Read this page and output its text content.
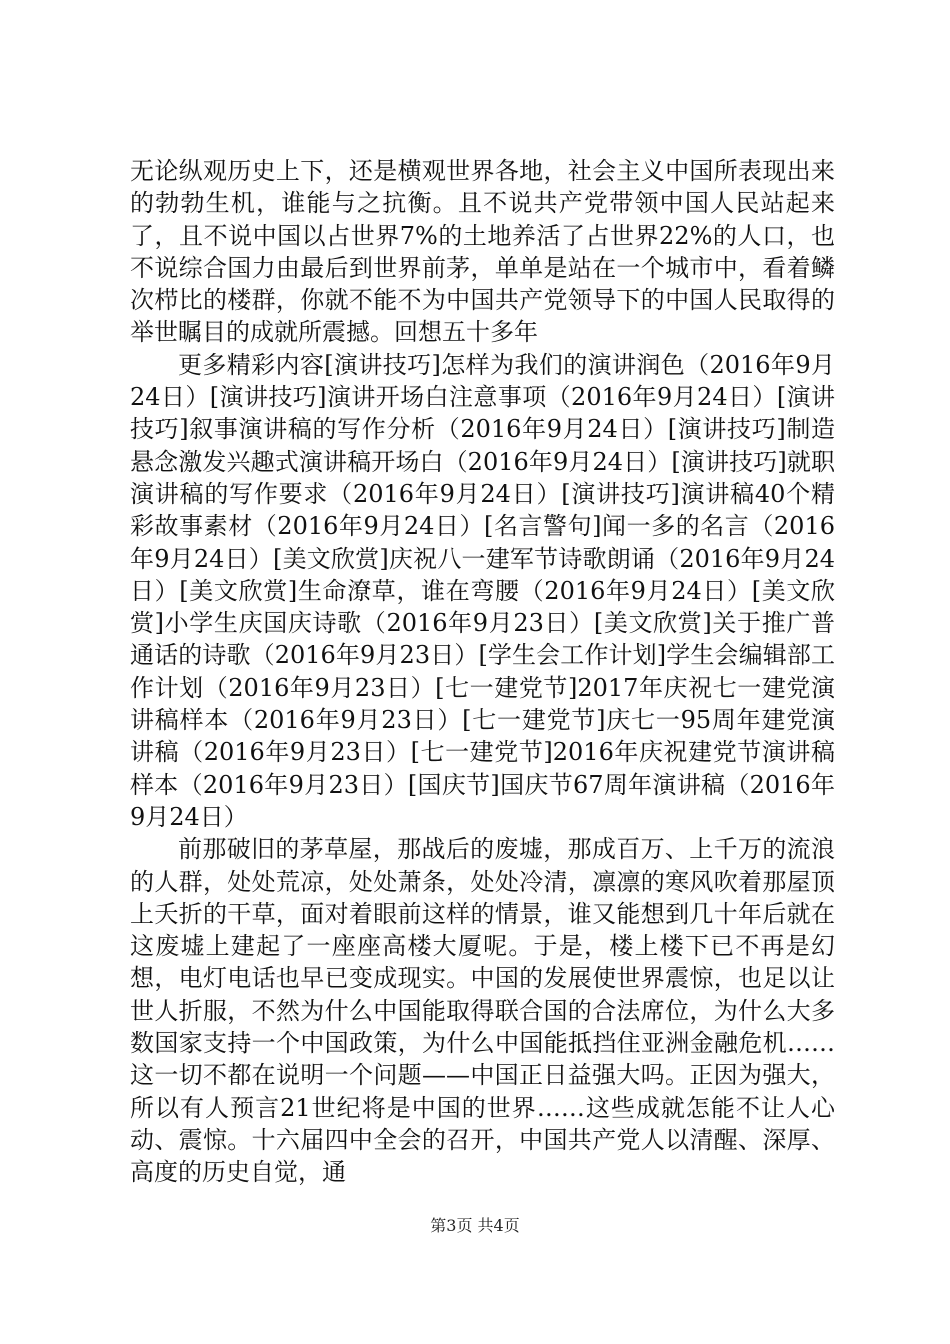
无论纵观历史上下，还是横观世界各地，社会主义中国所表现出来的勃勃生机，谁能与之抗衡。且不说共产党带领中国人民站起来了，且不说中国以占世界7%的土地养活了占世界22%的人口，也不说综合国力由最后到世界前茅，单单是站在一个城市中，看着鳞次栉比的楼群，你就不能不为中国共产党领导下的中国人民取得的举世瞩目的成就所震撼。回想五十多年

更多精彩内容[演讲技巧]怎样为我们的演讲润色（2016年9月24日）[演讲技巧]演讲开场白注意事项（2016年9月24日）[演讲技巧]叙事演讲稿的写作分析（2016年9月24日）[演讲技巧]制造悬念激发兴趣式演讲稿开场白（2016年9月24日）[演讲技巧]就职演讲稿的写作要求（2016年9月24日）[演讲技巧]演讲稿40个精彩故事素材（2016年9月24日）[名言警句]闻一多的名言（2016年9月24日）[美文欣赏]庆祝八一建军节诗歌朗诵（2016年9月24日）[美文欣赏]生命潦草，谁在弯腰（2016年9月24日）[美文欣赏]小学生庆国庆诗歌（2016年9月23日）[美文欣赏]关于推广普通话的诗歌（2016年9月23日）[学生会工作计划]学生会编辑部工作计划（2016年9月23日）[七一建党节]2017年庆祝七一建党演讲稿样本（2016年9月23日）[七一建党节]庆七一95周年建党演讲稿（2016年9月23日）[七一建党节]2016年庆祝建党节演讲稿样本（2016年9月23日）[国庆节]国庆节67周年演讲稿（2016年9月24日）

前那破旧的茅草屋，那战后的废墟，那成百万、上千万的流浪的人群，处处荒凉，处处萧条，处处冷清，凛凛的寒风吹着那屋顶上夭折的干草，面对着眼前这样的情景，谁又能想到几十年后就在这废墟上建起了一座座高楼大厦呢。于是，楼上楼下已不再是幻想，电灯电话也早已变成现实。中国的发展使世界震惊，也足以让世人折服，不然为什么中国能取得联合国的合法席位，为什么大多数国家支持一个中国政策，为什么中国能抵挡住亚洲金融危机……这一切不都在说明一个问题——中国正日益强大吗。正因为强大，所以有人预言21世纪将是中国的世界……这些成就怎能不让人心动、震惊。十六届四中全会的召开，中国共产党人以清醒、深厚、高度的历史自觉，通

第3页 共4页
